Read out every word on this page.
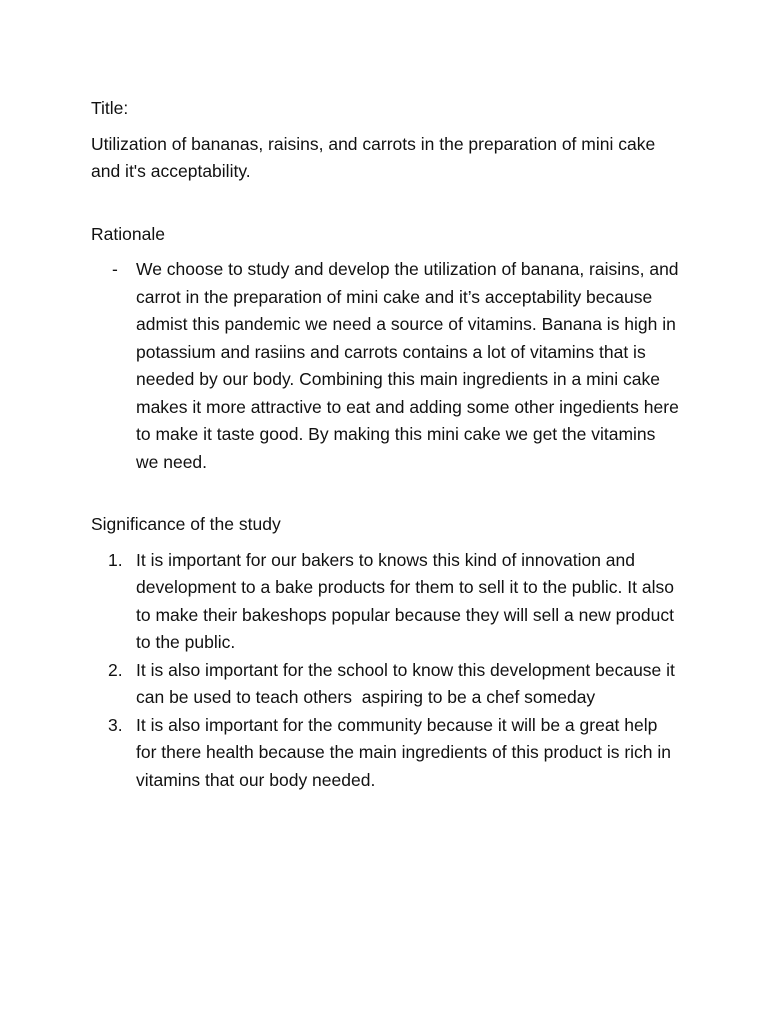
Title:

Utilization of bananas, raisins, and carrots in the preparation of mini cake and it's acceptability.

Rationale

- We choose to study and develop the utilization of banana, raisins, and carrot in the preparation of mini cake and it’s acceptability because admist this pandemic we need a source of vitamins. Banana is high in potassium and rasiins and carrots contains a lot of vitamins that is needed by our body. Combining this main ingredients in a mini cake makes it more attractive to eat and adding some other ingedients here to make it taste good. By making this mini cake we get the vitamins we need.

Significance of the study

1. It is important for our bakers to knows this kind of innovation and development to a bake products for them to sell it to the public. It also to make their bakeshops popular because they will sell a new product to the public.
2. It is also important for the school to know this development because it can be used to teach others  aspiring to be a chef someday
3. It is also important for the community because it will be a great help for there health because the main ingredients of this product is rich in vitamins that our body needed.
